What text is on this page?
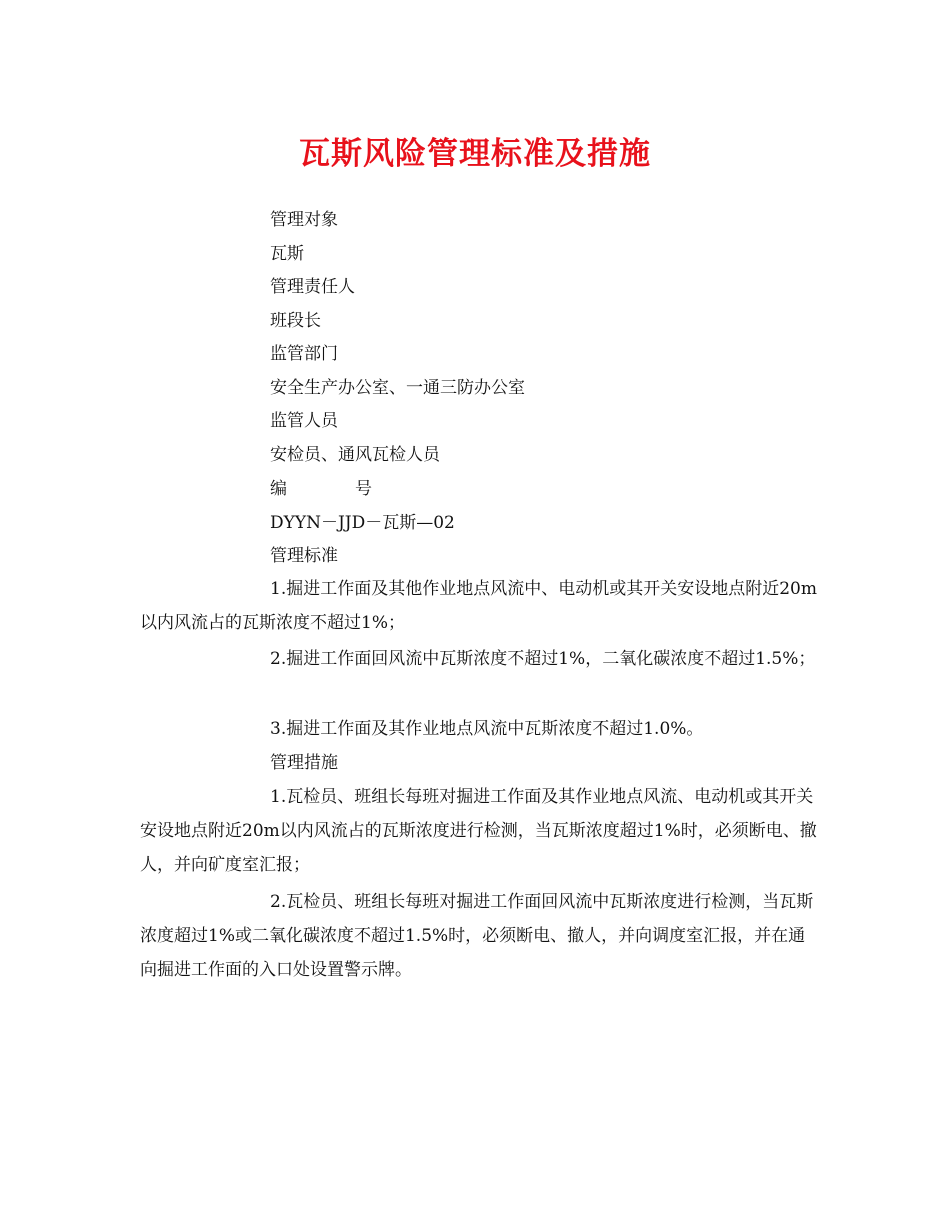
瓦斯风险管理标准及措施
管理对象
瓦斯
管理责任人
班段长
监管部门
安全生产办公室、一通三防办公室
监管人员
安检员、通风瓦检人员
编	号
DYYN－JJD－瓦斯—02
管理标准

1.掘进工作面及其他作业地点风流中、电动机或其开关安设地点附近20m以内风流占的瓦斯浓度不超过1%；

2.掘进工作面回风流中瓦斯浓度不超过1%，二氧化碳浓度不超过1.5%；

3.掘进工作面及其作业地点风流中瓦斯浓度不超过1.0%。

管理措施

1.瓦检员、班组长每班对掘进工作面及其作业地点风流、电动机或其开关安设地点附近20m以内风流占的瓦斯浓度进行检测，当瓦斯浓度超过1%时，必须断电、撤人，并向矿度室汇报；

2.瓦检员、班组长每班对掘进工作面回风流中瓦斯浓度进行检测，当瓦斯浓度超过1%或二氧化碳浓度不超过1.5%时，必须断电、撤人，并向调度室汇报，并在通向掘进工作面的入口处设置警示牌。
